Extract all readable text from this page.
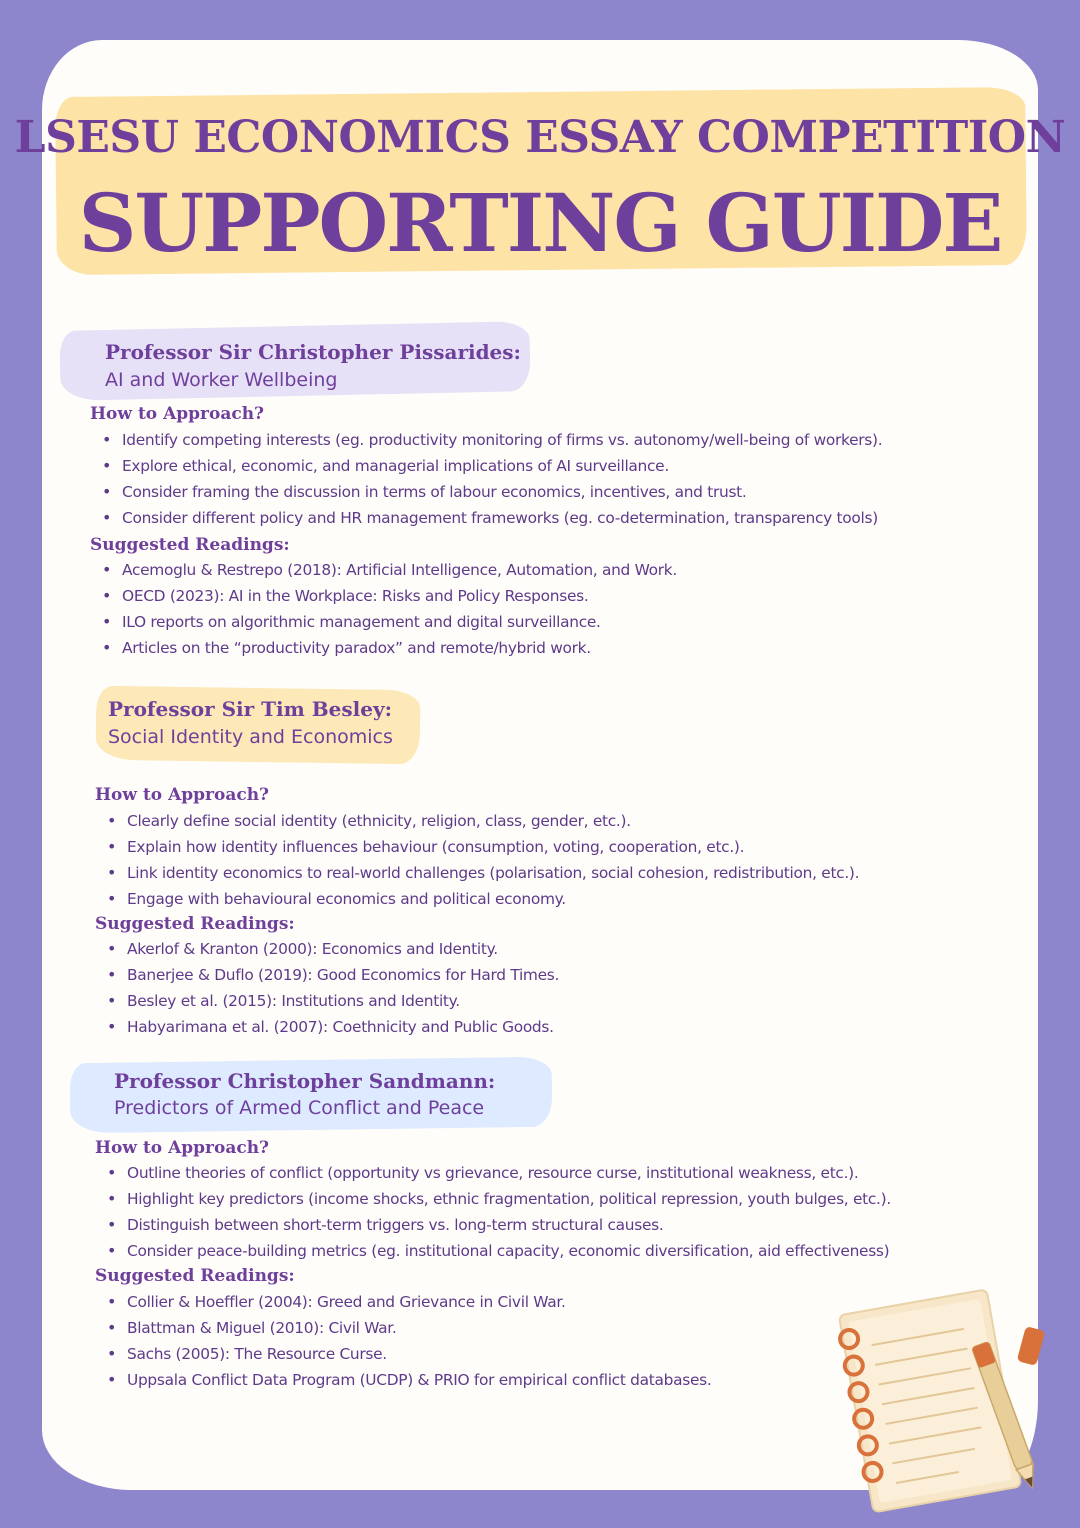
LSESU ECONOMICS ESSAY COMPETITION
SUPPORTING GUIDE
Professor Sir Christopher Pissarides:

AI and Worker Wellbeing

How to Approach?
• Identify competing interests (eg. productivity monitoring of firms vs. autonomy/well-being of workers).
• Explore ethical, economic, and managerial implications of AI surveillance.
• Consider framing the discussion in terms of labour economics, incentives, and trust.
• Consider different policy and HR management frameworks (eg. co-determination, transparency tools)
Suggested Readings:
• Acemoglu & Restrepo (2018): Artificial Intelligence, Automation, and Work.
• OECD (2023): AI in the Workplace: Risks and Policy Responses.
• ILO reports on algorithmic management and digital surveillance.
• Articles on the “productivity paradox” and remote/hybrid work.
Professor Sir Tim Besley:

Social Identity and Economics

How to Approach?
• Clearly define social identity (ethnicity, religion, class, gender, etc.).
• Explain how identity influences behaviour (consumption, voting, cooperation, etc.).
• Link identity economics to real-world challenges (polarisation, social cohesion, redistribution, etc.).
• Engage with behavioural economics and political economy.
Suggested Readings:
• Akerlof & Kranton (2000): Economics and Identity.
• Banerjee & Duflo (2019): Good Economics for Hard Times.
• Besley et al. (2015): Institutions and Identity.
• Habyarimana et al. (2007): Coethnicity and Public Goods.
Professor Christopher Sandmann:

Predictors of Armed Conflict and Peace

How to Approach?
• Outline theories of conflict (opportunity vs grievance, resource curse, institutional weakness, etc.).
• Highlight key predictors (income shocks, ethnic fragmentation, political repression, youth bulges, etc.).
• Distinguish between short-term triggers vs. long-term structural causes.
• Consider peace-building metrics (eg. institutional capacity, economic diversification, aid effectiveness)
Suggested Readings:
• Collier & Hoeffler (2004): Greed and Grievance in Civil War.
• Blattman & Miguel (2010): Civil War.
• Sachs (2005): The Resource Curse.
• Uppsala Conflict Data Program (UCDP) & PRIO for empirical conflict databases.
